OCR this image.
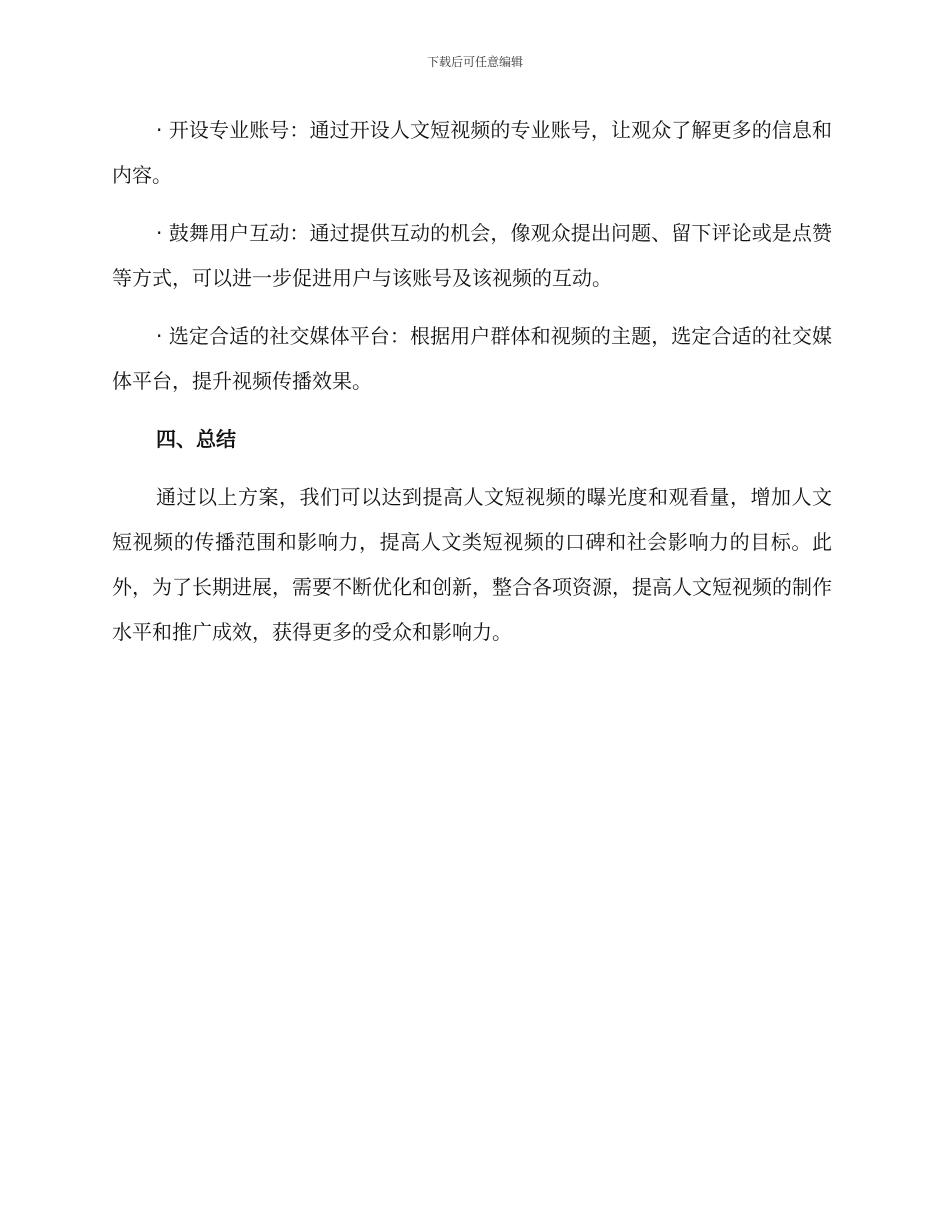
下载后可任意编辑

· 开设专业账号：通过开设人文短视频的专业账号，让观众了解更多的信息和内容。

· 鼓舞用户互动：通过提供互动的机会，像观众提出问题、留下评论或是点赞等方式，可以进一步促进用户与该账号及该视频的互动。

· 选定合适的社交媒体平台：根据用户群体和视频的主题，选定合适的社交媒体平台，提升视频传播效果。

四、总结

通过以上方案，我们可以达到提高人文短视频的曝光度和观看量，增加人文短视频的传播范围和影响力，提高人文类短视频的口碑和社会影响力的目标。此外，为了长期进展，需要不断优化和创新，整合各项资源，提高人文短视频的制作水平和推广成效，获得更多的受众和影响力。
